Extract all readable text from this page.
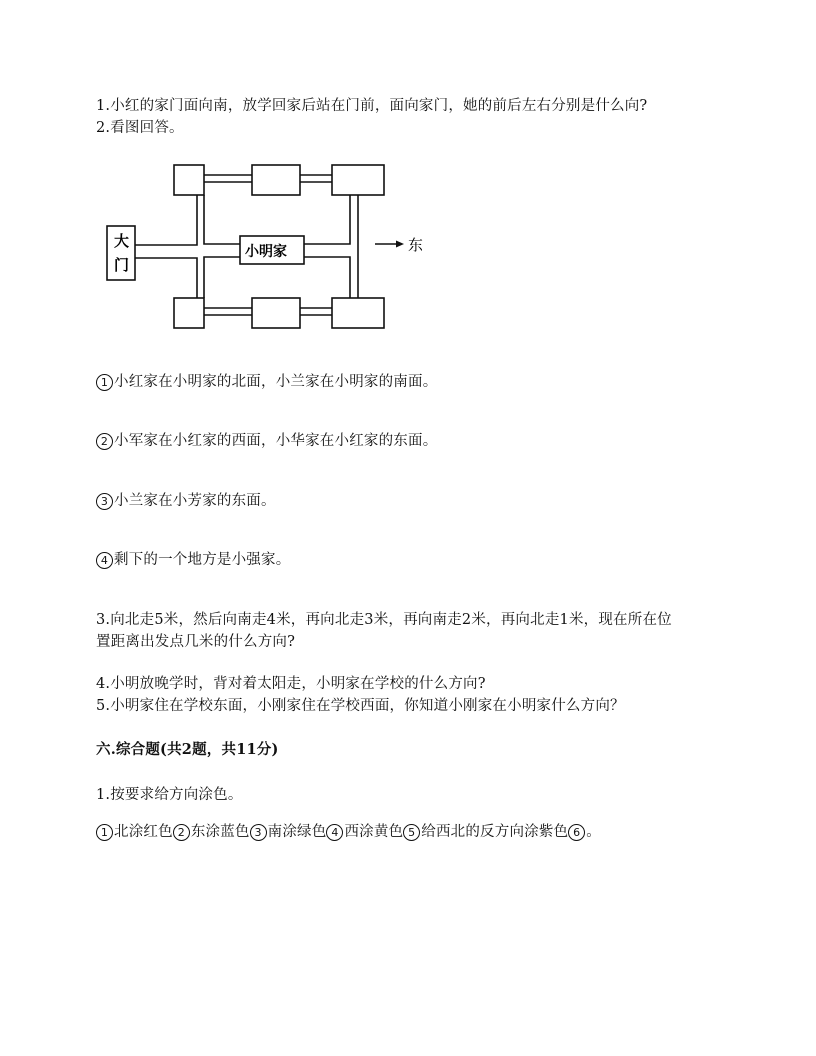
1.小红的家门面向南，放学回家后站在门前，面向家门，她的前后左右分别是什么向?
2.看图回答。
大
门
小明家	东
1 小红家在小明家的北面，小兰家在小明家的南面。
2 小军家在小红家的西面，小华家在小红家的东面。
3 小兰家在小芳家的东面。
4 剩下的一个地方是小强家。
3.向北走5米，然后向南走4米，再向北走3米，再向南走2米，再向北走1米，现在所在位
置距离出发点几米的什么方向?
4.小明放晚学时，背对着太阳走，小明家在学校的什么方向?
5.小明家住在学校东面，小刚家住在学校西面，你知道小刚家在小明家什么方向？
六.综合题(共2题，共11分)
1.按要求给方向涂色。
1 北涂红色 2 东涂蓝色 3 南涂绿色 4 西涂黄色 5 给西北的反方向涂紫色 6 。
